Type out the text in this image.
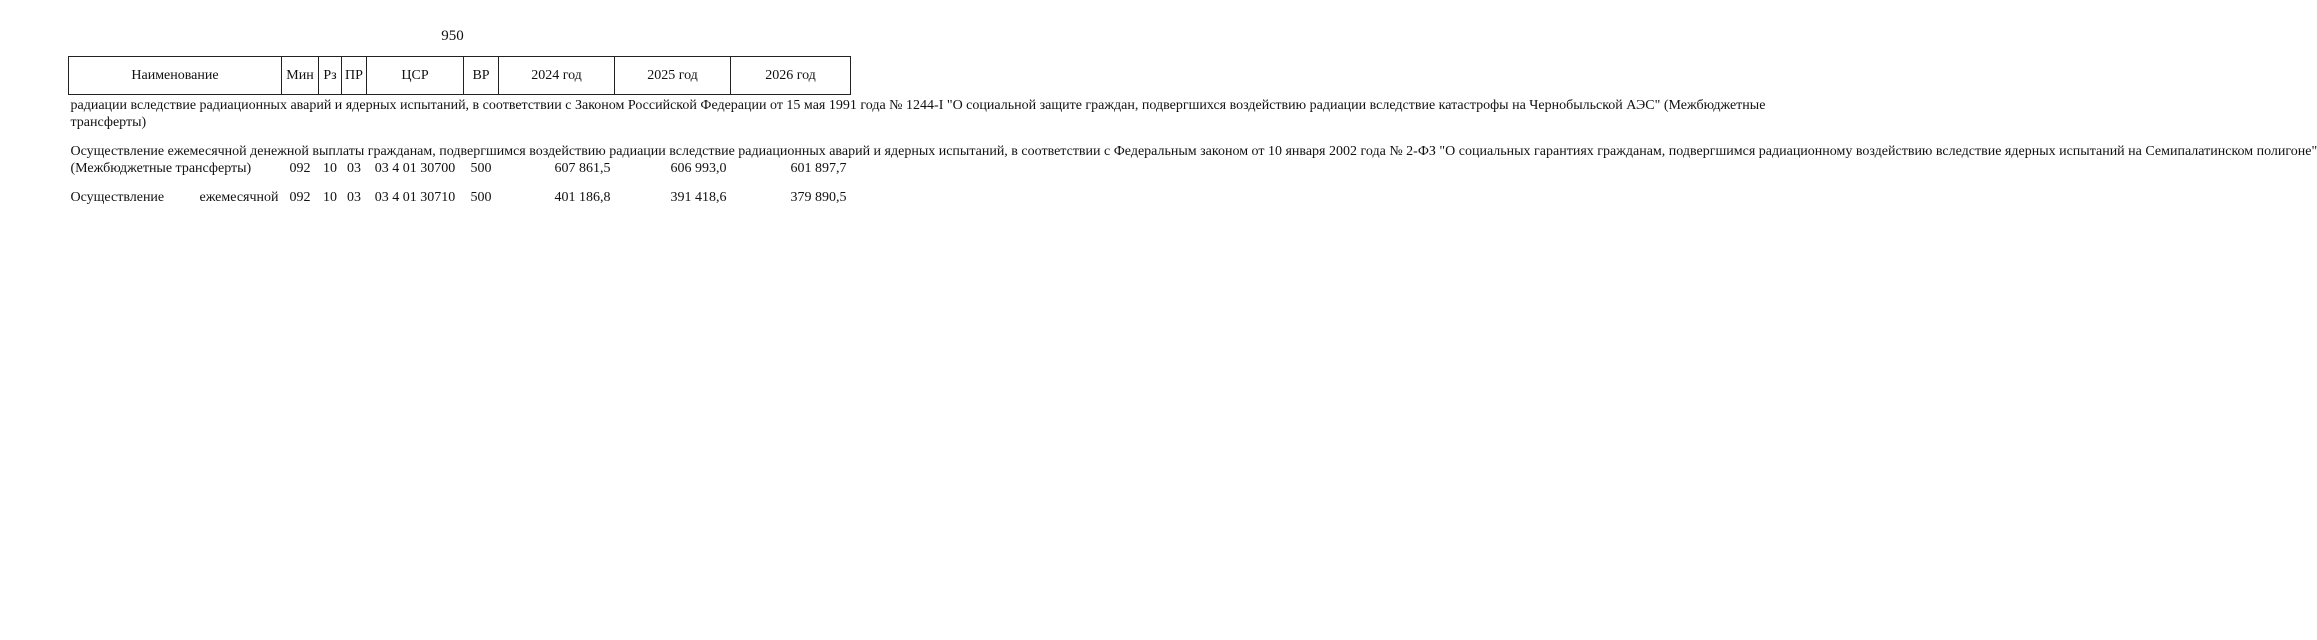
950
Наименование	Мин	Рз	ПР	ЦСР	ВР	2024 год	2025 год	2026 год
радиации вследствие радиационных аварий и ядерных испытаний, в соответствии с Законом Российской Федерации от 15 мая 1991 года № 1244-I "О социальной защите граждан, подвергшихся воздействию радиации вследствие катастрофы на Чернобыльской АЭС" (Межбюджетные
трансферты)								

Осуществление ежемесячной денежной выплаты гражданам, подвергшимся воздействию радиации вследствие радиационных аварий и ядерных испытаний, в соответствии с Федеральным законом от 10 января 2002 года № 2-ФЗ "О социальных гарантиях гражданам, подвергшимся радиационному воздействию вследствие ядерных испытаний на Семипалатинском полигоне"
(Межбюджетные трансферты)	092	10	03	03 4 01 30700	500	607 861,5	606 993,0	601 897,7

Осуществление ежемесячной	092	10	03	03 4 01 30710	500	401 186,8	391 418,6	379 890,5
